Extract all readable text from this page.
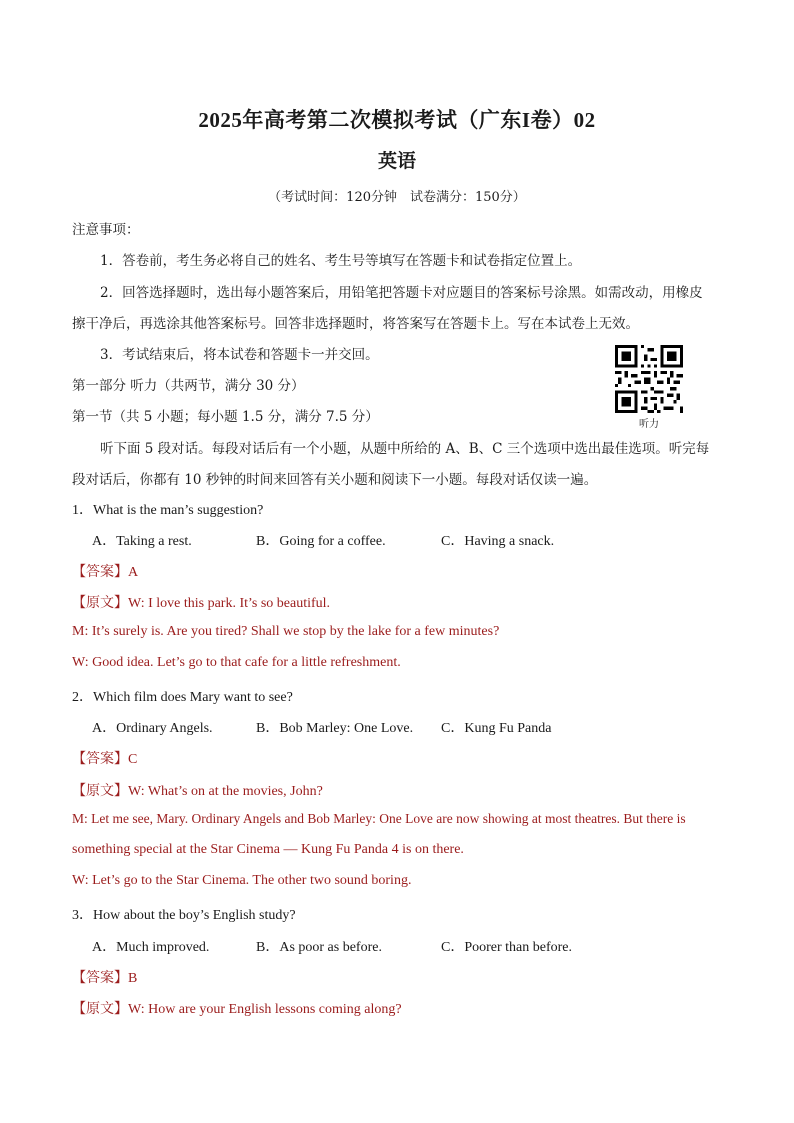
2025年高考第二次模拟考试（广东I卷）02
英语
（考试时间：120分钟　试卷满分：150分）
注意事项：
1．答卷前，考生务必将自己的姓名、考生号等填写在答题卡和试卷指定位置上。
2．回答选择题时，选出每小题答案后，用铅笔把答题卡对应题目的答案标号涂黑。如需改动，用橡皮
擦干净后，再选涂其他答案标号。回答非选择题时，将答案写在答题卡上。写在本试卷上无效。
3．考试结束后，将本试卷和答题卡一并交回。
第一部分 听力（共两节，满分 30 分）
第一节（共 5 小题；每小题 1.5 分，满分 7.5 分）	听力
听下面 5 段对话。每段对话后有一个小题，从题中所给的 A、B、C 三个选项中选出最佳选项。听完每
段对话后，你都有 10 秒钟的时间来回答有关小题和阅读下一小题。每段对话仅读一遍。
1．What is the man’s suggestion?
A．Taking a rest.	B．Going for a coffee.	C．Having a snack.
【答案】A
【原文】W: I love this park. It’s so beautiful.
M: It’s surely is. Are you tired? Shall we stop by the lake for a few minutes?
W: Good idea. Let’s go to that cafe for a little refreshment.
2．Which film does Mary want to see?
A．Ordinary Angels.	B．Bob Marley: One Love. C．Kung Fu Panda
【答案】C
【原文】W: What’s on at the movies, John?
M: Let me see, Mary. Ordinary Angels and Bob Marley: One Love are now showing at most theatres. But there is
something special at the Star Cinema — Kung Fu Panda 4 is on there.
W: Let’s go to the Star Cinema. The other two sound boring.
3．How about the boy’s English study?
A．Much improved.	B．As poor as before.	C．Poorer than before.
【答案】B
【原文】W: How are your English lessons coming along?
